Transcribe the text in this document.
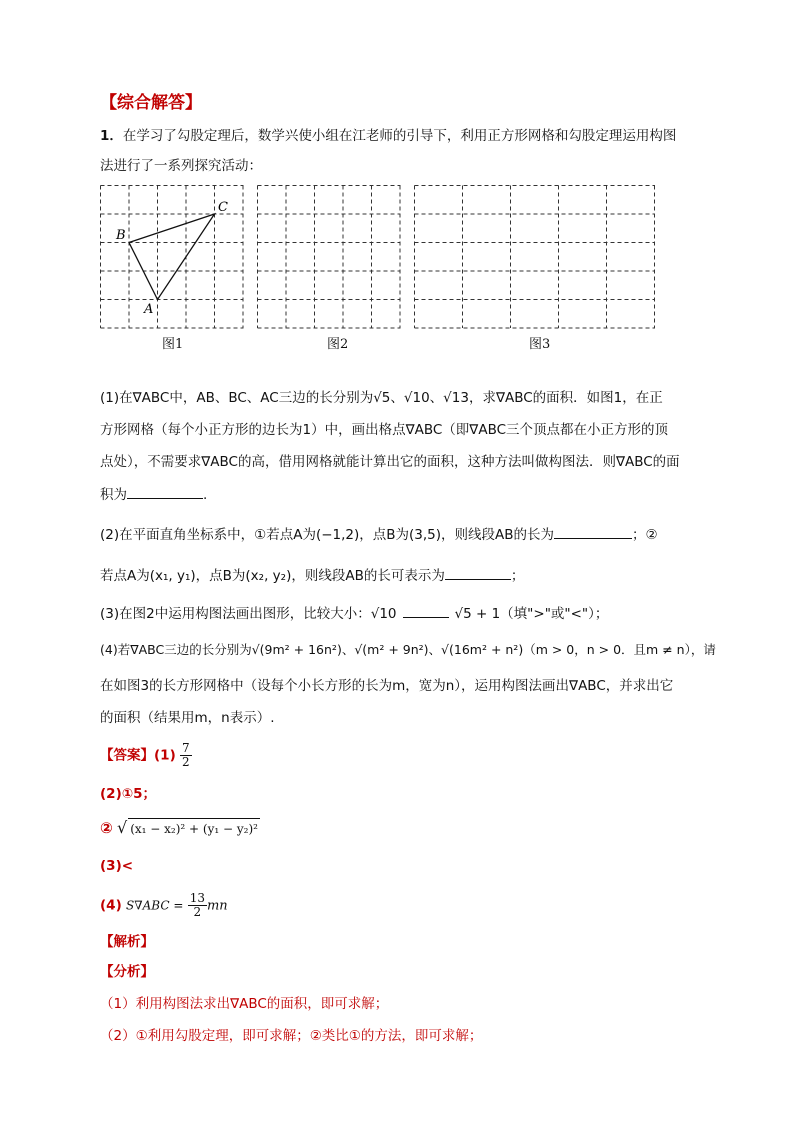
【综合解答】
1．在学习了勾股定理后，数学兴使小组在江老师的引导下，利用正方形网格和勾股定理运用构图
法进行了一系列探究活动：
B
C
A
图1	图2	图3
(1)在∇ABC中，AB、BC、AC三边的长分别为√5、√10、√13，求∇ABC的面积．如图1，在正
方形网格（每个小正方形的边长为1）中，画出格点∇ABC（即∇ABC三个顶点都在小正方形的顶
点处），不需要求∇ABC的高，借用网格就能计算出它的面积，这种方法叫做构图法．则∇ABC的面
积为	.
(2)在平面直角坐标系中，①若点A为(−1,2)，点B为(3,5)，则线段AB的长为	；②
若点A为(x₁, y₁)，点B为(x₂, y₂)，则线段AB的长可表示为	；
(3)在图2中运用构图法画出图形，比较大小：√10	√5 + 1（填">"或"<"）；
(4)若∇ABC三边的长分别为√(9m² + 16n²)、√(m² + 9n²)、√(16m² + n²)（m > 0，n > 0．且m ≠ n），请
在如图3的长方形网格中（设每个小长方形的长为m，宽为n），运用构图法画出∇ABC，并求出它
的面积（结果用m，n表示）.
【答案】$(1) \frac{7}{2}$
(2)①5；
② √ (x₁ − x₂)² + (y₁ − y₂)²
(3)<
(4) $S\nabla ABC = \frac{13}{2}$ mn
【解析】
【分析】
（1）利用构图法求出∇ABC的面积，即可求解；
（2）①利用勾股定理，即可求解；②类比①的方法，即可求解；
